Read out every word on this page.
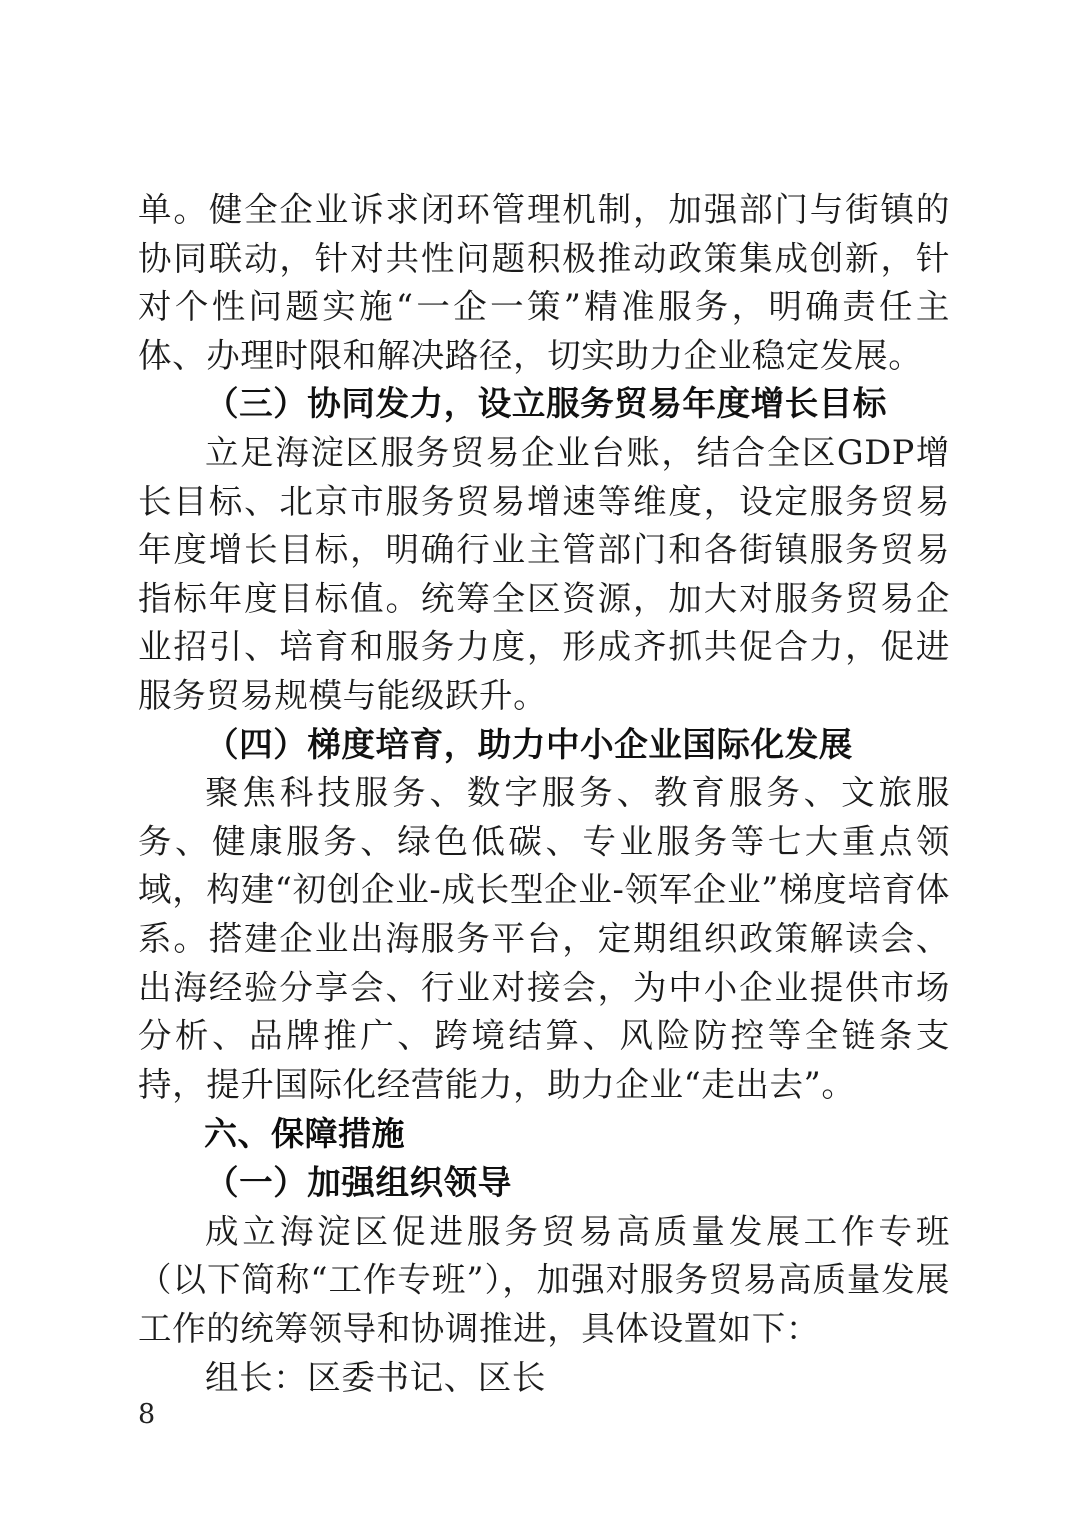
单。健全企业诉求闭环管理机制，加强部门与街镇的协同联动，针对共性问题积极推动政策集成创新，针对个性问题实施“一企一策”精准服务，明确责任主体、办理时限和解决路径，切实助力企业稳定发展。

（三）协同发力，设立服务贸易年度增长目标

立足海淀区服务贸易企业台账，结合全区GDP增长目标、北京市服务贸易增速等维度，设定服务贸易年度增长目标，明确行业主管部门和各街镇服务贸易指标年度目标值。统筹全区资源，加大对服务贸易企业招引、培育和服务力度，形成齐抓共促合力，促进服务贸易规模与能级跃升。

（四）梯度培育，助力中小企业国际化发展

聚焦科技服务、数字服务、教育服务、文旅服务、健康服务、绿色低碳、专业服务等七大重点领域，构建“初创企业-成长型企业-领军企业”梯度培育体系。搭建企业出海服务平台，定期组织政策解读会、出海经验分享会、行业对接会，为中小企业提供市场分析、品牌推广、跨境结算、风险防控等全链条支持，提升国际化经营能力，助力企业“走出去”。

六、保障措施

（一）加强组织领导

成立海淀区促进服务贸易高质量发展工作专班（以下简称“工作专班”），加强对服务贸易高质量发展工作的统筹领导和协调推进，具体设置如下：

组长：区委书记、区长

8
